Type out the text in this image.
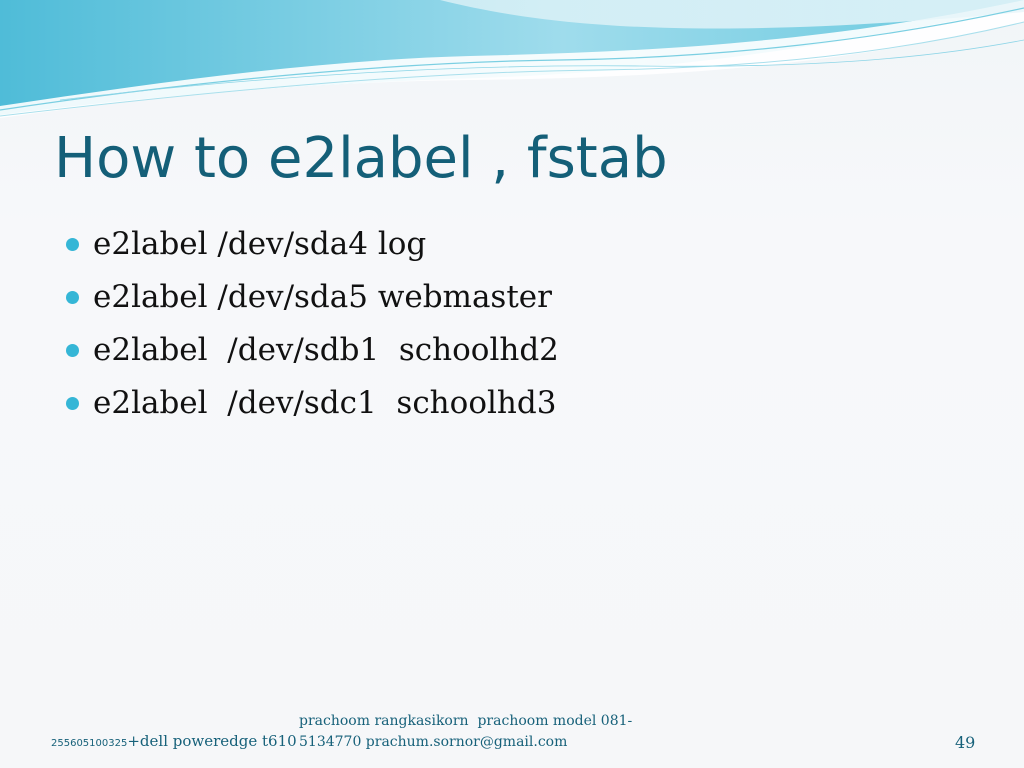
How to e2label , fstab
e2label /dev/sda4 log
e2label /dev/sda5 webmaster
e2label  /dev/sdb1  schoolhd2
e2label  /dev/sdc1  schoolhd3
255605100325+dell poweredge t610
prachoom rangkasikorn  prachoom model 081-
5134770 prachum.sornor@gmail.com	49
